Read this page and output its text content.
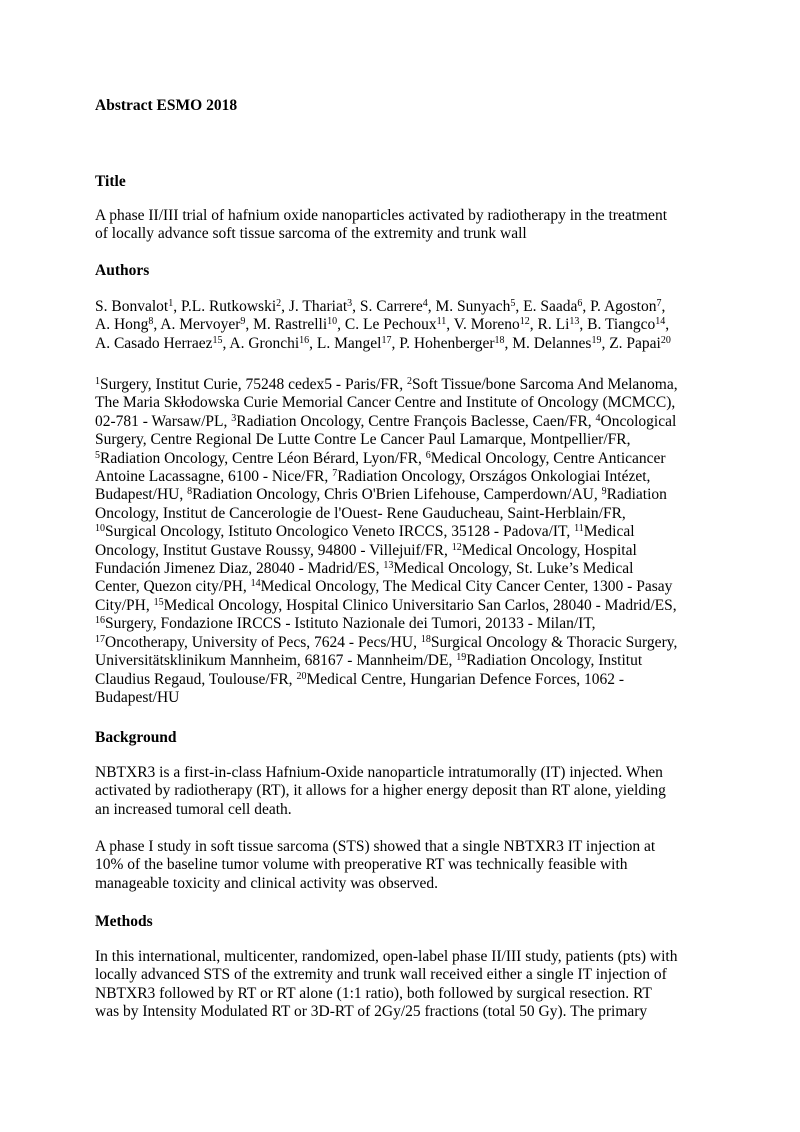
Abstract ESMO 2018
Title
A phase II/III trial of hafnium oxide nanoparticles activated by radiotherapy in the treatment
of locally advance soft tissue sarcoma of the extremity and trunk wall
Authors
S. Bonvalot$^1$, P.L. Rutkowski$^2$, J. Thariat$^3$, S. Carrere$^4$, M. Sunyach$^5$, E. Saada$^6$, P. Agoston$^7$,
A. Hong$^8$, A. Mervoyer$^9$, M. Rastrelli$^{10}$, C. Le Pechoux$^{11}$, V. Moreno$^{12}$, R. Li$^{13}$, B. Tiangco$^{14}$,
A. Casado Herraez$^{15}$, A. Gronchi$^{16}$, L. Mangel$^{17}$, P. Hohenberger$^{18}$, M. Delannes$^{19}$, Z. Papai$^{20}$
$^1$Surgery, Institut Curie, 75248 cedex5 - Paris/FR, $^2$Soft Tissue/bone Sarcoma And Melanoma,
The Maria Skłodowska Curie Memorial Cancer Centre and Institute of Oncology (MCMCC),
02-781 - Warsaw/PL, $^3$Radiation Oncology, Centre François Baclesse, Caen/FR, $^4$Oncological
Surgery, Centre Regional De Lutte Contre Le Cancer Paul Lamarque, Montpellier/FR,
$^5$Radiation Oncology, Centre Léon Bérard, Lyon/FR, $^6$Medical Oncology, Centre Anticancer
Antoine Lacassagne, 6100 - Nice/FR, $^7$Radiation Oncology, Országos Onkologiai Intézet,
Budapest/HU, $^8$Radiation Oncology, Chris O'Brien Lifehouse, Camperdown/AU, $^9$Radiation
Oncology, Institut de Cancerologie de l'Ouest- Rene Gauducheau, Saint-Herblain/FR,
$^{10}$Surgical Oncology, Istituto Oncologico Veneto IRCCS, 35128 - Padova/IT, $^{11}$Medical
Oncology, Institut Gustave Roussy, 94800 - Villejuif/FR, $^{12}$Medical Oncology, Hospital
Fundación Jimenez Diaz, 28040 - Madrid/ES, $^{13}$Medical Oncology, St. Luke’s Medical
Center, Quezon city/PH, $^{14}$Medical Oncology, The Medical City Cancer Center, 1300 - Pasay
City/PH, $^{15}$Medical Oncology, Hospital Clinico Universitario San Carlos, 28040 - Madrid/ES,
$^{16}$Surgery, Fondazione IRCCS - Istituto Nazionale dei Tumori, 20133 - Milan/IT,
$^{17}$Oncotherapy, University of Pecs, 7624 - Pecs/HU, $^{18}$Surgical Oncology & Thoracic Surgery,
Universitätsklinikum Mannheim, 68167 - Mannheim/DE, $^{19}$Radiation Oncology, Institut
Claudius Regaud, Toulouse/FR, $^{20}$Medical Centre, Hungarian Defence Forces, 1062 -
Budapest/HU
Background
NBTXR3 is a first-in-class Hafnium-Oxide nanoparticle intratumorally (IT) injected. When
activated by radiotherapy (RT), it allows for a higher energy deposit than RT alone, yielding
an increased tumoral cell death.
A phase I study in soft tissue sarcoma (STS) showed that a single NBTXR3 IT injection at
10% of the baseline tumor volume with preoperative RT was technically feasible with
manageable toxicity and clinical activity was observed.
Methods
In this international, multicenter, randomized, open-label phase II/III study, patients (pts) with
locally advanced STS of the extremity and trunk wall received either a single IT injection of
NBTXR3 followed by RT or RT alone (1:1 ratio), both followed by surgical resection. RT
was by Intensity Modulated RT or 3D-RT of 2Gy/25 fractions (total 50 Gy). The primary
